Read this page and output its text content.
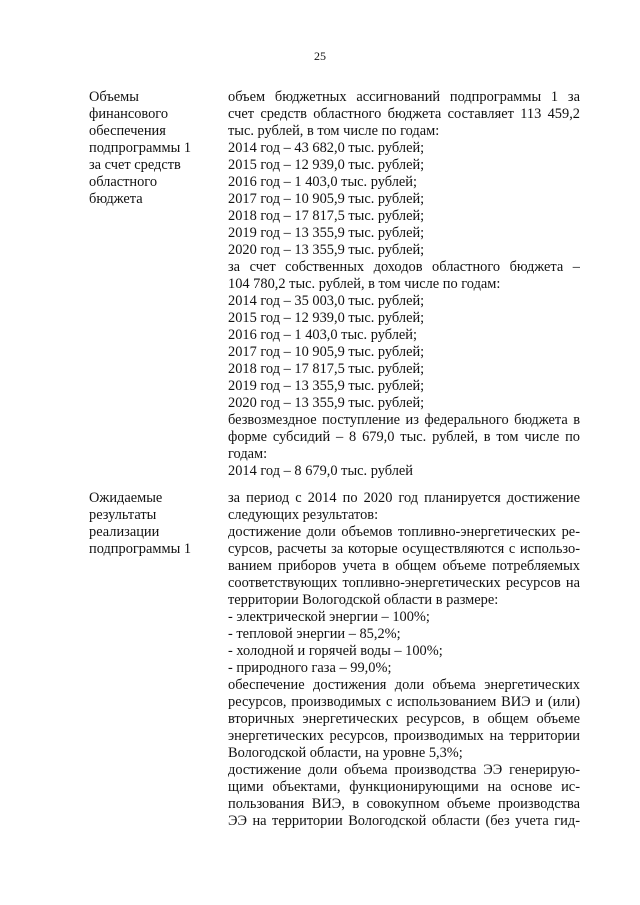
25
Объемы
финансового
обеспечения
подпрограммы 1
за счет средств
областного
бюджета
объем бюджетных ассигнований подпрограммы 1 за
счет средств областного бюджета составляет 113 459,2
тыс. рублей, в том числе по годам:
2014 год – 43 682,0 тыс. рублей;
2015 год – 12 939,0 тыс. рублей;
2016 год – 1 403,0 тыс. рублей;
2017 год – 10 905,9 тыс. рублей;
2018 год – 17 817,5 тыс. рублей;
2019 год – 13 355,9 тыс. рублей;
2020 год – 13 355,9 тыс. рублей;
за счет собственных доходов областного бюджета –
104 780,2 тыс. рублей, в том числе по годам:
2014 год – 35 003,0 тыс. рублей;
2015 год – 12 939,0 тыс. рублей;
2016 год – 1 403,0 тыс. рублей;
2017 год – 10 905,9 тыс. рублей;
2018 год – 17 817,5 тыс. рублей;
2019 год – 13 355,9 тыс. рублей;
2020 год – 13 355,9 тыс. рублей;
безвозмездное поступление из федерального бюджета в
форме субсидий – 8 679,0 тыс. рублей, в том числе по
годам:
2014 год – 8 679,0 тыс. рублей
Ожидаемые
результаты
реализации
подпрограммы 1
за период с 2014 по 2020 год планируется достижение
следующих результатов:
достижение доли объемов топливно-энергетических ре-
сурсов, расчеты за которые осуществляются с использо-
ванием приборов учета в общем объеме потребляемых
соответствующих топливно-энергетических ресурсов на
территории Вологодской области в размере:
- электрической энергии – 100%;
- тепловой энергии – 85,2%;
- холодной и горячей воды – 100%;
- природного газа – 99,0%;
обеспечение достижения доли объема энергетических
ресурсов, производимых с использованием ВИЭ и (или)
вторичных энергетических ресурсов, в общем объеме
энергетических ресурсов, производимых на территории
Вологодской области, на уровне 5,3%;
достижение доли объема производства ЭЭ генерирую-
щими объектами, функционирующими на основе ис-
пользования ВИЭ, в совокупном объеме производства
ЭЭ на территории Вологодской области (без учета гид-
